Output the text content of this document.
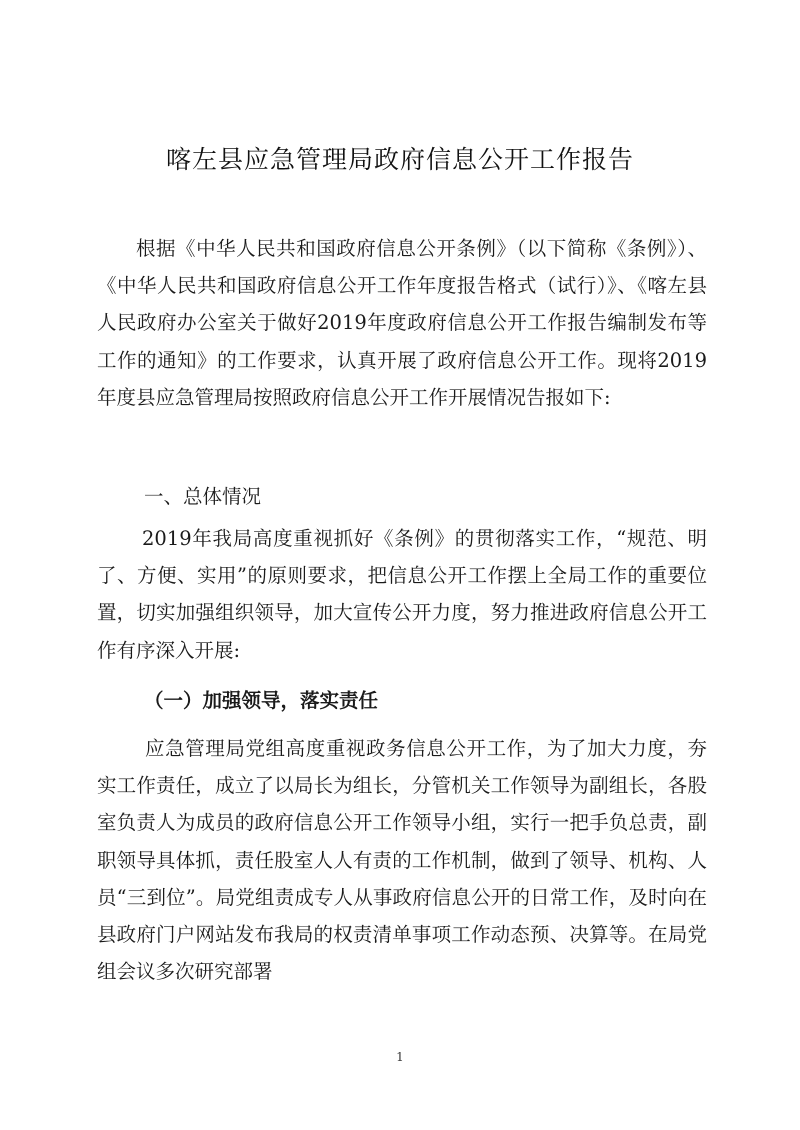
喀左县应急管理局政府信息公开工作报告

根据《中华人民共和国政府信息公开条例》（以下简称《条例》）、《中华人民共和国政府信息公开工作年度报告格式（试行）》、《喀左县人民政府办公室关于做好2019年度政府信息公开工作报告编制发布等工作的通知》的工作要求，认真开展了政府信息公开工作。现将2019年度县应急管理局按照政府信息公开工作开展情况告报如下:

一、总体情况

2019年我局高度重视抓好《条例》的贯彻落实工作，“规范、明了、方便、实用”的原则要求，把信息公开工作摆上全局工作的重要位置，切实加强组织领导，加大宣传公开力度，努力推进政府信息公开工作有序深入开展:

（一）加强领导，落实责任

应急管理局党组高度重视政务信息公开工作，为了加大力度，夯实工作责任，成立了以局长为组长，分管机关工作领导为副组长，各股室负责人为成员的政府信息公开工作领导小组，实行一把手负总责，副职领导具体抓，责任股室人人有责的工作机制，做到了领导、机构、人员“三到位”。局党组责成专人从事政府信息公开的日常工作，及时向在县政府门户网站发布我局的权责清单事项工作动态预、决算等。在局党组会议多次研究部署

1
